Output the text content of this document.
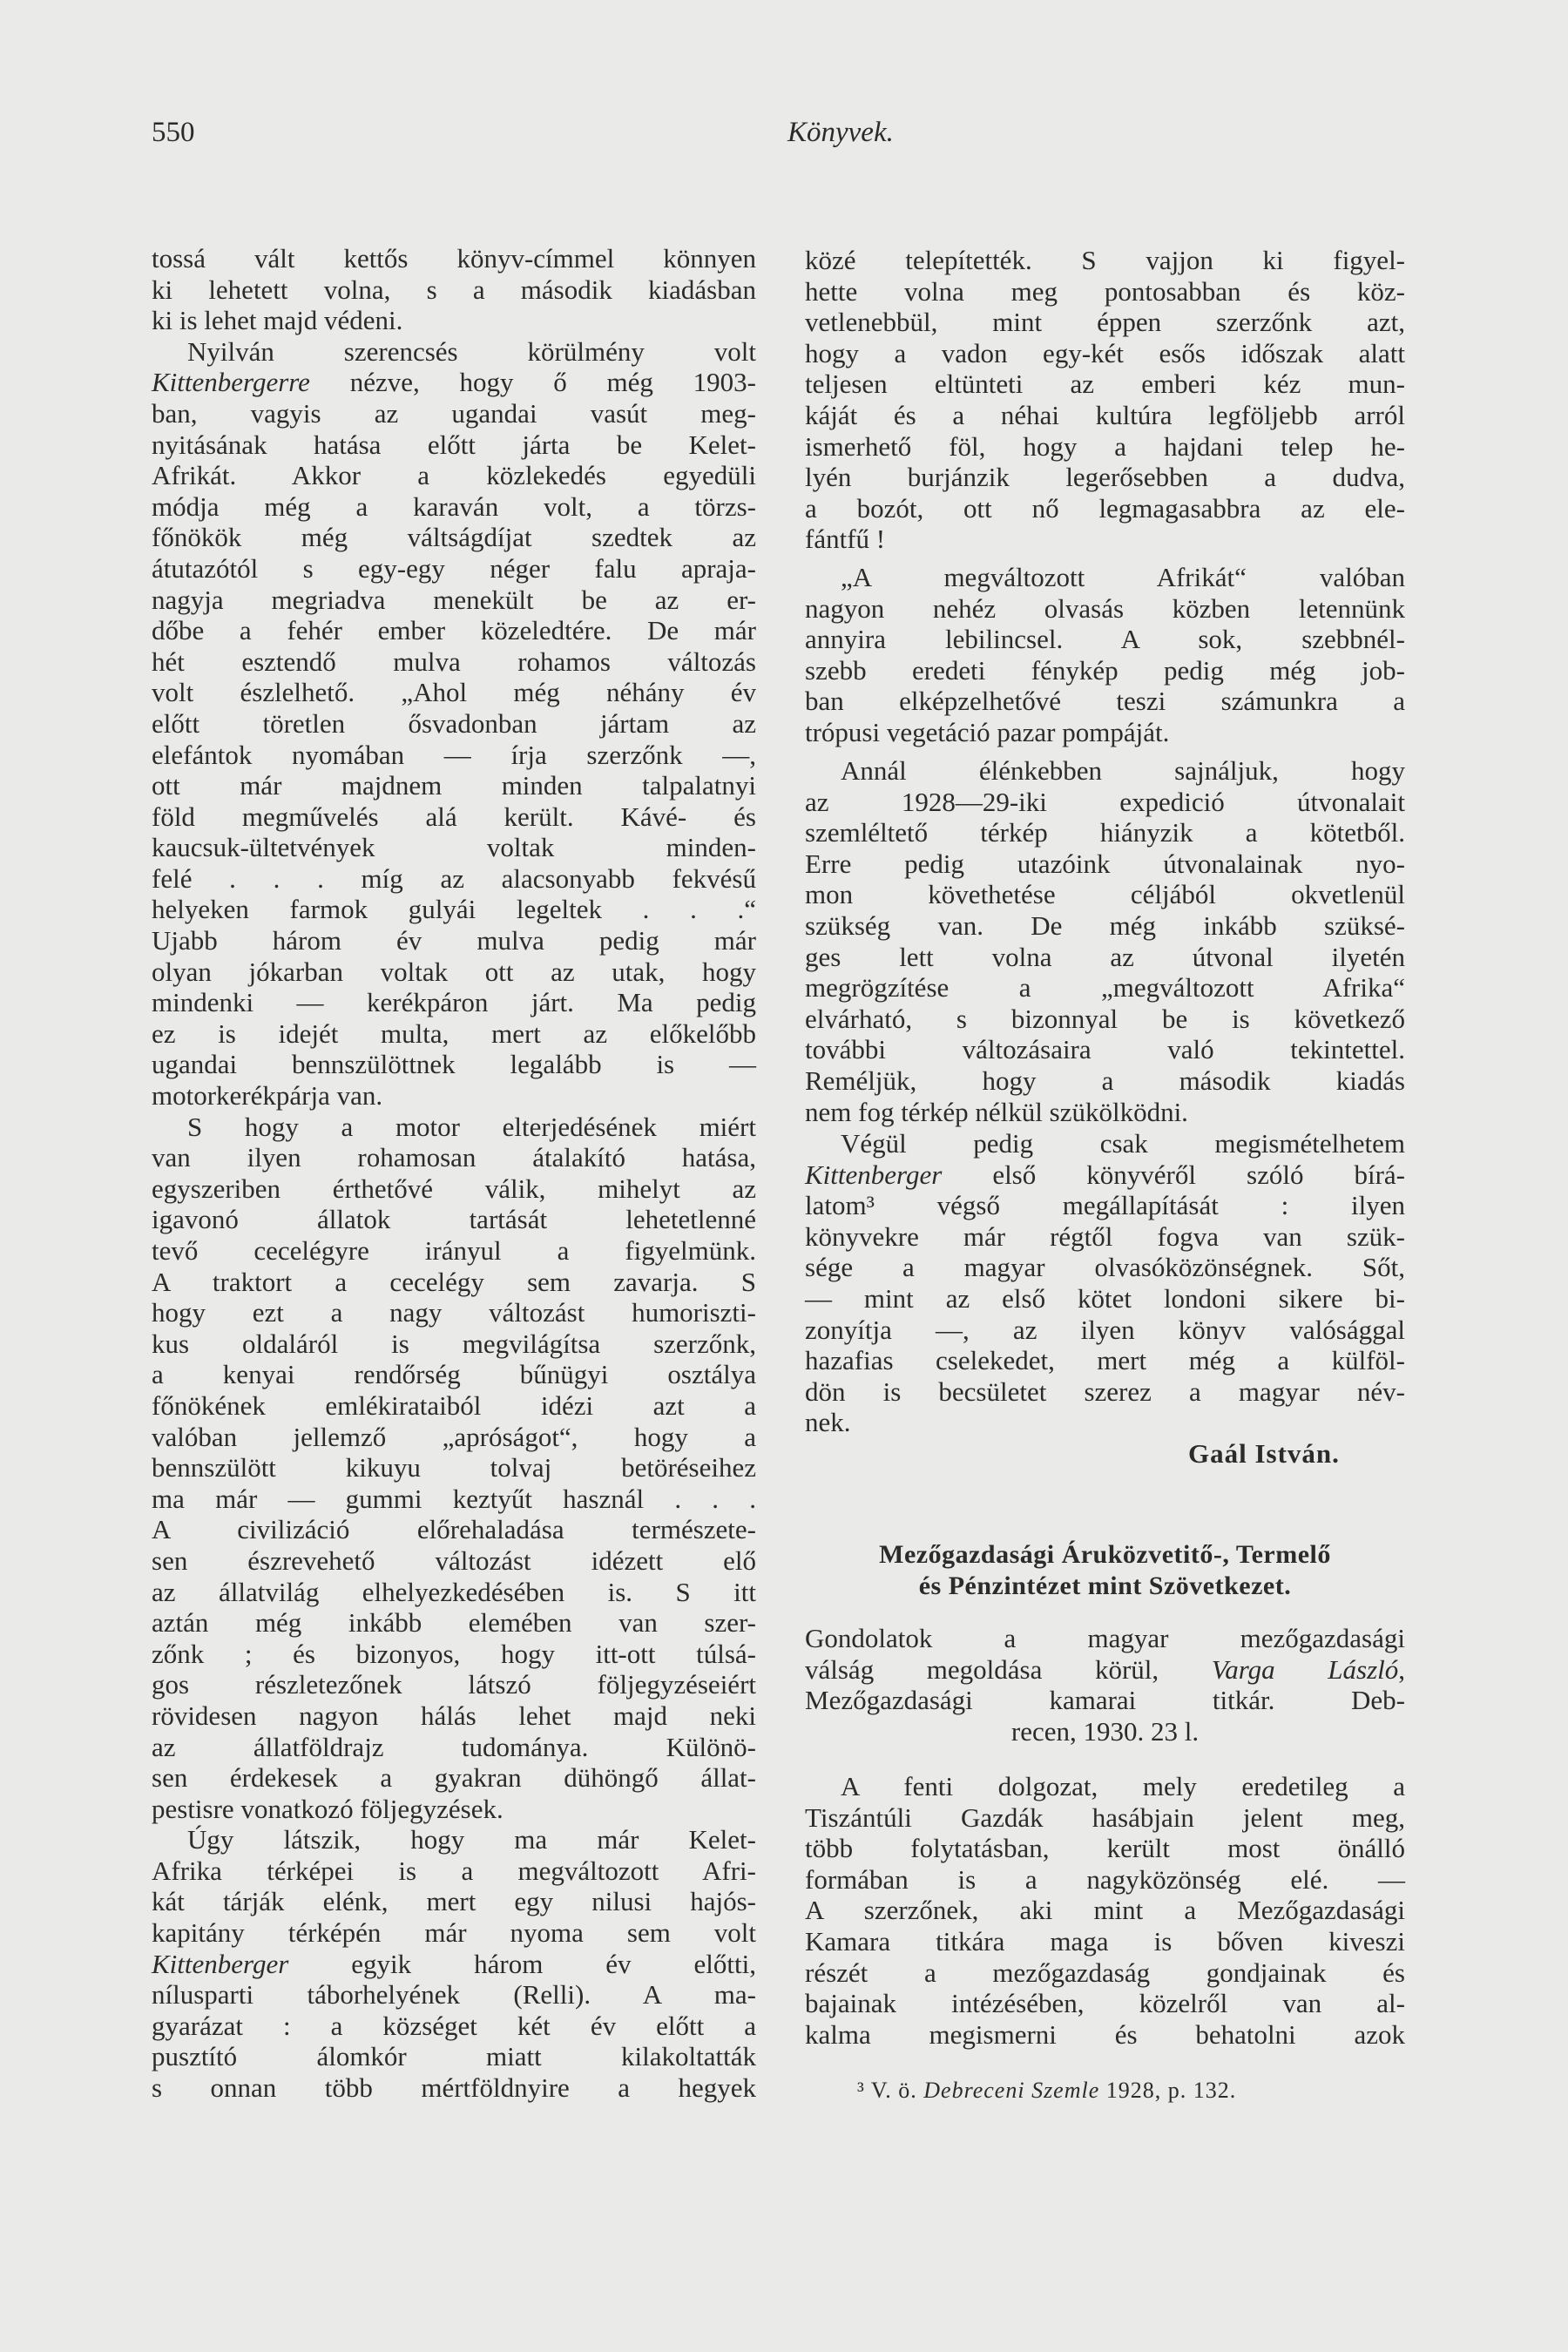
550	Könyvek.
tossá vált kettős könyv-címmel könnyen
ki lehetett volna, s a második kiadásban
ki is lehet majd védeni.
Nyilván szerencsés körülmény volt
Kittenbergerre nézve, hogy ő még 1903-
ban, vagyis az ugandai vasút meg-
nyitásának hatása előtt járta be Kelet-
Afrikát. Akkor a közlekedés egyedüli
módja még a karaván volt, a törzs-
főnökök még váltságdíjat szedtek az
átutazótól s egy-egy néger falu apraja-
nagyja megriadva menekült be az er-
dőbe a fehér ember közeledtére. De már
hét esztendő mulva rohamos változás
volt észlelhető. „Ahol még néhány év
előtt töretlen ősvadonban jártam az
elefántok nyomában — írja szerzőnk —,
ott már majdnem minden talpalatnyi
föld megművelés alá került. Kávé- és
kaucsuk-ültetvények voltak minden-
felé . . . míg az alacsonyabb fekvésű
helyeken farmok gulyái legeltek . . .“
Ujabb három év mulva pedig már
olyan jókarban voltak ott az utak, hogy
mindenki — kerékpáron járt. Ma pedig
ez is idejét multa, mert az előkelőbb
ugandai bennszülöttnek legalább is —
motorkerékpárja van.
S hogy a motor elterjedésének miért
van ilyen rohamosan átalakító hatása,
egyszeriben érthetővé válik, mihelyt az
igavonó állatok tartását lehetetlenné
tevő cecelégyre irányul a figyelmünk.
A traktort a cecelégy sem zavarja. S
hogy ezt a nagy változást humoriszti-
kus oldaláról is megvilágítsa szerzőnk,
a kenyai rendőrség bűnügyi osztálya
főnökének emlékirataiból idézi azt a
valóban jellemző „apróságot“, hogy a
bennszülött kikuyu tolvaj betöréseihez
ma már — gummi keztyűt használ . . .
A civilizáció előrehaladása természete-
sen észrevehető változást idézett elő
az állatvilág elhelyezkedésében is. S itt
aztán még inkább elemében van szer-
zőnk ; és bizonyos, hogy itt-ott túlsá-
gos részletezőnek látszó följegyzéseiért
rövidesen nagyon hálás lehet majd neki
az állatföldrajz tudománya. Különö-
sen érdekesek a gyakran dühöngő állat-
pestisre vonatkozó följegyzések.
Úgy látszik, hogy ma már Kelet-
Afrika térképei is a megváltozott Afri-
kát tárják elénk, mert egy nilusi hajós-
kapitány térképén már nyoma sem volt
Kittenberger egyik három év előtti,
nílusparti táborhelyének (Relli). A ma-
gyarázat : a községet két év előtt a
pusztító álomkór miatt kilakoltatták
s onnan több mértföldnyire a hegyek
közé telepítették. S vajjon ki figyel-
hette volna meg pontosabban és köz-
vetlenebbül, mint éppen szerzőnk azt,
hogy a vadon egy-két esős időszak alatt
teljesen eltünteti az emberi kéz mun-
káját és a néhai kultúra legföljebb arról
ismerhető föl, hogy a hajdani telep he-
lyén burjánzik legerősebben a dudva,
a bozót, ott nő legmagasabbra az ele-
fántfű !
„A megváltozott Afrikát“ valóban
nagyon nehéz olvasás közben letennünk
annyira lebilincsel. A sok, szebbnél-
szebb eredeti fénykép pedig még job-
ban elképzelhetővé teszi számunkra a
trópusi vegetáció pazar pompáját.
Annál élénkebben sajnáljuk, hogy
az 1928—29-iki expedició útvonalait
szemléltető térkép hiányzik a kötetből.
Erre pedig utazóink útvonalainak nyo-
mon követhetése céljából okvetlenül
szükség van. De még inkább szüksé-
ges lett volna az útvonal ilyetén
megrögzítése a „megváltozott Afrika“
elvárható, s bizonnyal be is következő
további változásaira való tekintettel.
Reméljük, hogy a második kiadás
nem fog térkép nélkül szükölködni.
Végül pedig csak megismételhetem
Kittenberger első könyvéről szóló bírá-
latom³ végső megállapítását : ilyen
könyvekre már régtől fogva van szük-
sége a magyar olvasóközönségnek. Sőt,
— mint az első kötet londoni sikere bi-
zonyítja —, az ilyen könyv valósággal
hazafias cselekedet, mert még a külföl-
dön is becsületet szerez a magyar név-
nek.
Gaál István.
Mezőgazdasági Áruközvetitő-, Termelő
és Pénzintézet mint Szövetkezet.
Gondolatok a magyar mezőgazdasági
válság megoldása körül, Varga László,
Mezőgazdasági kamarai titkár. Deb-
recen, 1930. 23 l.
A fenti dolgozat, mely eredetileg a
Tiszántúli Gazdák hasábjain jelent meg,
több folytatásban, került most önálló
formában is a nagyközönség elé. —
A szerzőnek, aki mint a Mezőgazdasági
Kamara titkára maga is bőven kiveszi
részét a mezőgazdaság gondjainak és
bajainak intézésében, közelről van al-
kalma megismerni és behatolni azok
³ V. ö. Debreceni Szemle 1928, p. 132.
